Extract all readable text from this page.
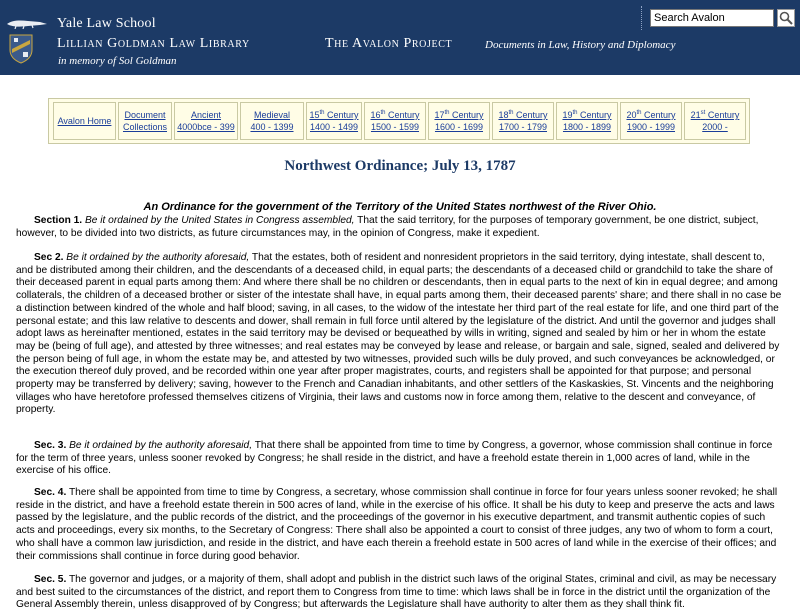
Yale Law School
Lillian Goldman Law Library
in memory of Sol Goldman
The Avalon Project	Documents in Law, History and Diplomacy
Search Avalon
Avalon Home
Document
Collections
Ancient
4000bce - 399
Medieval
400 - 1399
15th Century
1400 - 1499
16th Century
1500 - 1599
17th Century
1600 - 1699
18th Century
1700 - 1799
19th Century
1800 - 1899
20th Century
1900 - 1999
21st Century
2000 -
Northwest Ordinance; July 13, 1787
An Ordinance for the government of the Territory of the United States northwest of the River Ohio.

Section 1. Be it ordained by the United States in Congress assembled, That the said territory, for the purposes of temporary government, be one district, subject, however, to be divided into two districts, as future circumstances may, in the opinion of Congress, make it expedient.

Sec 2. Be it ordained by the authority aforesaid, That the estates, both of resident and nonresident proprietors in the said territory, dying intestate, shall descent to, and be distributed among their children, and the descendants of a deceased child, in equal parts; the descendants of a deceased child or grandchild to take the share of their deceased parent in equal parts among them: And where there shall be no children or descendants, then in equal parts to the next of kin in equal degree; and among collaterals, the children of a deceased brother or sister of the intestate shall have, in equal parts among them, their deceased parents' share; and there shall in no case be a distinction between kindred of the whole and half blood; saving, in all cases, to the widow of the intestate her third part of the real estate for life, and one third part of the personal estate; and this law relative to descents and dower, shall remain in full force until altered by the legislature of the district. And until the governor and judges shall adopt laws as hereinafter mentioned, estates in the said territory may be devised or bequeathed by wills in writing, signed and sealed by him or her in whom the estate may be (being of full age), and attested by three witnesses; and real estates may be conveyed by lease and release, or bargain and sale, signed, sealed and delivered by the person being of full age, in whom the estate may be, and attested by two witnesses, provided such wills be duly proved, and such conveyances be acknowledged, or the execution thereof duly proved, and be recorded within one year after proper magistrates, courts, and registers shall be appointed for that purpose; and personal property may be transferred by delivery; saving, however to the French and Canadian inhabitants, and other settlers of the Kaskaskies, St. Vincents and the neighboring villages who have heretofore professed themselves citizens of Virginia, their laws and customs now in force among them, relative to the descent and conveyance, of property.

Sec. 3. Be it ordained by the authority aforesaid, That there shall be appointed from time to time by Congress, a governor, whose commission shall continue in force for the term of three years, unless sooner revoked by Congress; he shall reside in the district, and have a freehold estate therein in 1,000 acres of land, while in the exercise of his office.

Sec. 4. There shall be appointed from time to time by Congress, a secretary, whose commission shall continue in force for four years unless sooner revoked; he shall reside in the district, and have a freehold estate therein in 500 acres of land, while in the exercise of his office. It shall be his duty to keep and preserve the acts and laws passed by the legislature, and the public records of the district, and the proceedings of the governor in his executive department, and transmit authentic copies of such acts and proceedings, every six months, to the Secretary of Congress: There shall also be appointed a court to consist of three judges, any two of whom to form a court, who shall have a common law jurisdiction, and reside in the district, and have each therein a freehold estate in 500 acres of land while in the exercise of their offices; and their commissions shall continue in force during good behavior.

Sec. 5. The governor and judges, or a majority of them, shall adopt and publish in the district such laws of the original States, criminal and civil, as may be necessary and best suited to the circumstances of the district, and report them to Congress from time to time: which laws shall be in force in the district until the organization of the General Assembly therein, unless disapproved of by Congress; but afterwards the Legislature shall have authority to alter them as they shall think fit.
